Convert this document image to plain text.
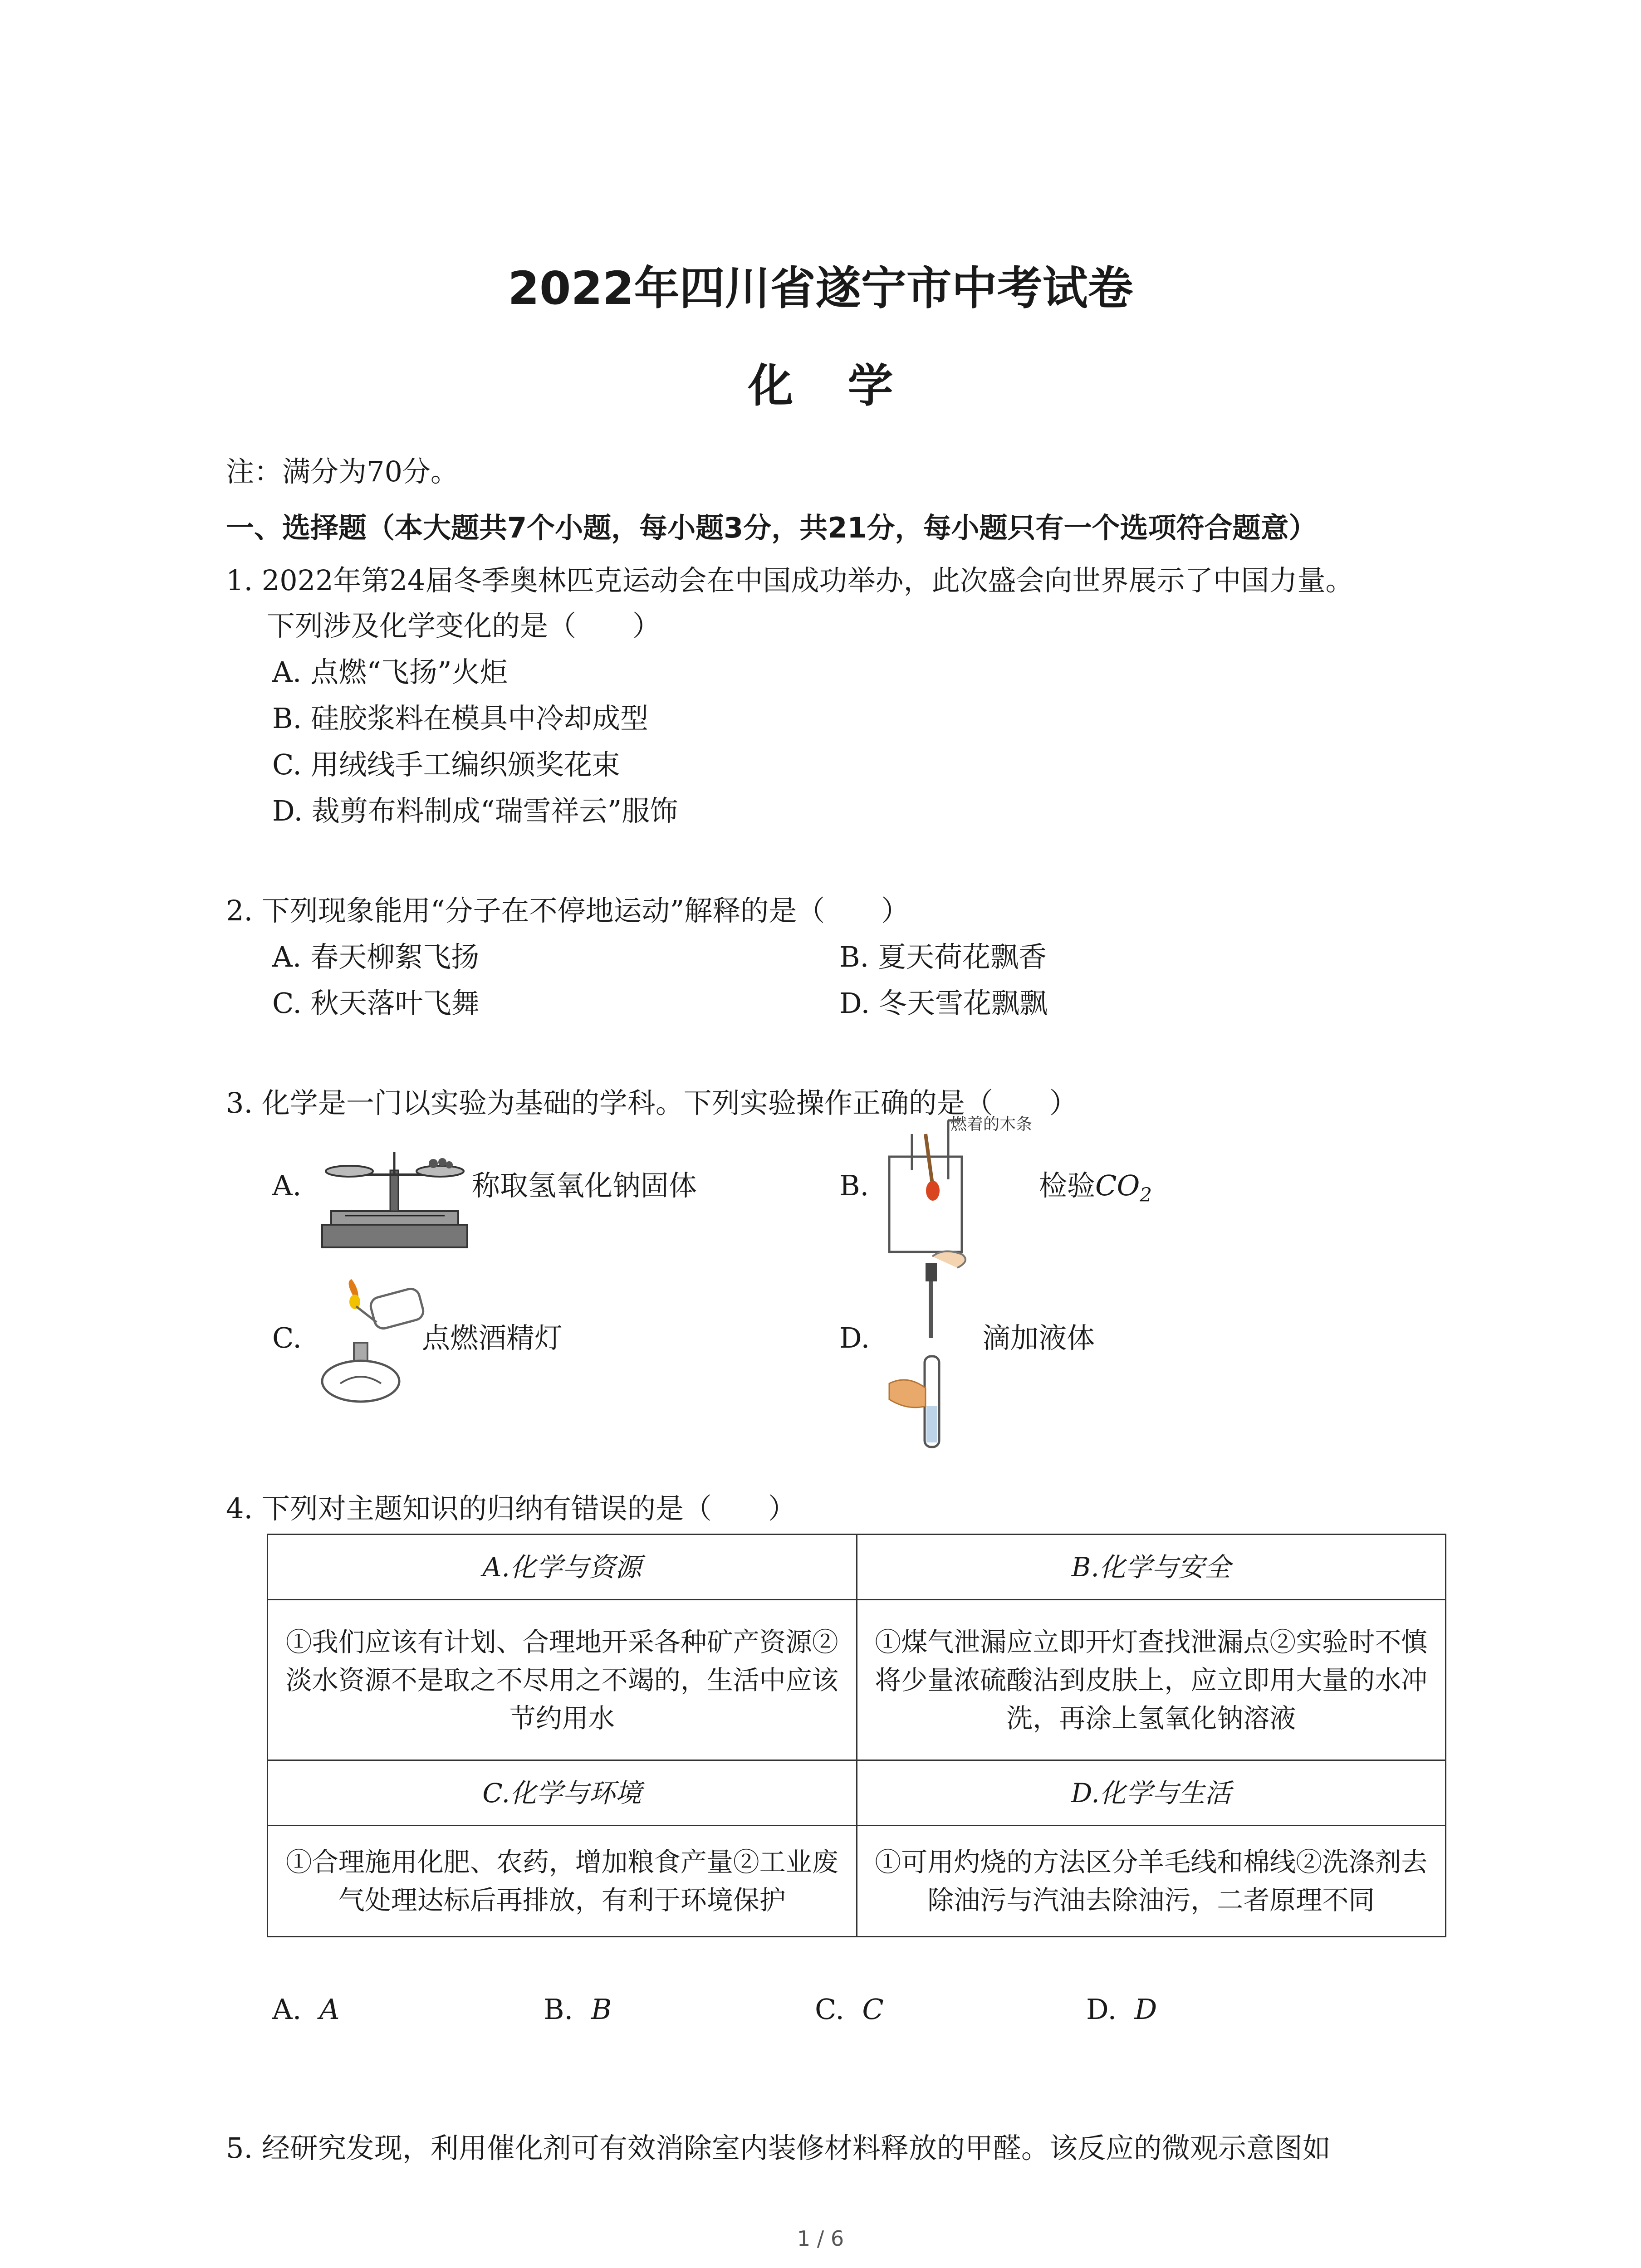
2022年四川省遂宁市中考试卷
化学
注：满分为70分。
一、选择题（本大题共7个小题，每小题3分，共21分，每小题只有一个选项符合题意）
1. 2022年第24届冬季奥林匹克运动会在中国成功举办，此次盛会向世界展示了中国力量。
下列涉及化学变化的是（　　）
A. 点燃“飞扬”火炬
B. 硅胶浆料在模具中冷却成型
C. 用绒线手工编织颁奖花束
D. 裁剪布料制成“瑞雪祥云”服饰
2. 下列现象能用“分子在不停地运动”解释的是（　　）
A. 春天柳絮飞扬	B. 夏天荷花飘香
C. 秋天落叶飞舞	D. 冬天雪花飘飘
3. 化学是一门以实验为基础的学科。下列实验操作正确的是（　　）
A.	称取氢氧化钠固体	B.
燃着的木条
检验$CO_2$
C.	点燃酒精灯	D.	滴加液体
4. 下列对主题知识的归纳有错误的是（　　）
A.化学与资源	B.化学与安全
①我们应该有计划、合理地开采各种矿产资源②淡水资源不是取之不尽用之不竭的，生活中应该节约用水	①煤气泄漏应立即开灯查找泄漏点②实验时不慎将少量浓硫酸沾到皮肤上，应立即用大量的水冲洗，再涂上氢氧化钠溶液
C.化学与环境	D.化学与生活
①合理施用化肥、农药，增加粮食产量②工业废气处理达标后再排放，有利于环境保护	①可用灼烧的方法区分羊毛线和棉线②洗涤剂去除油污与汽油去除油污，二者原理不同
A. A	B. B	C. C	D. D
5. 经研究发现，利用催化剂可有效消除室内装修材料释放的甲醛。该反应的微观示意图如
1 / 6
